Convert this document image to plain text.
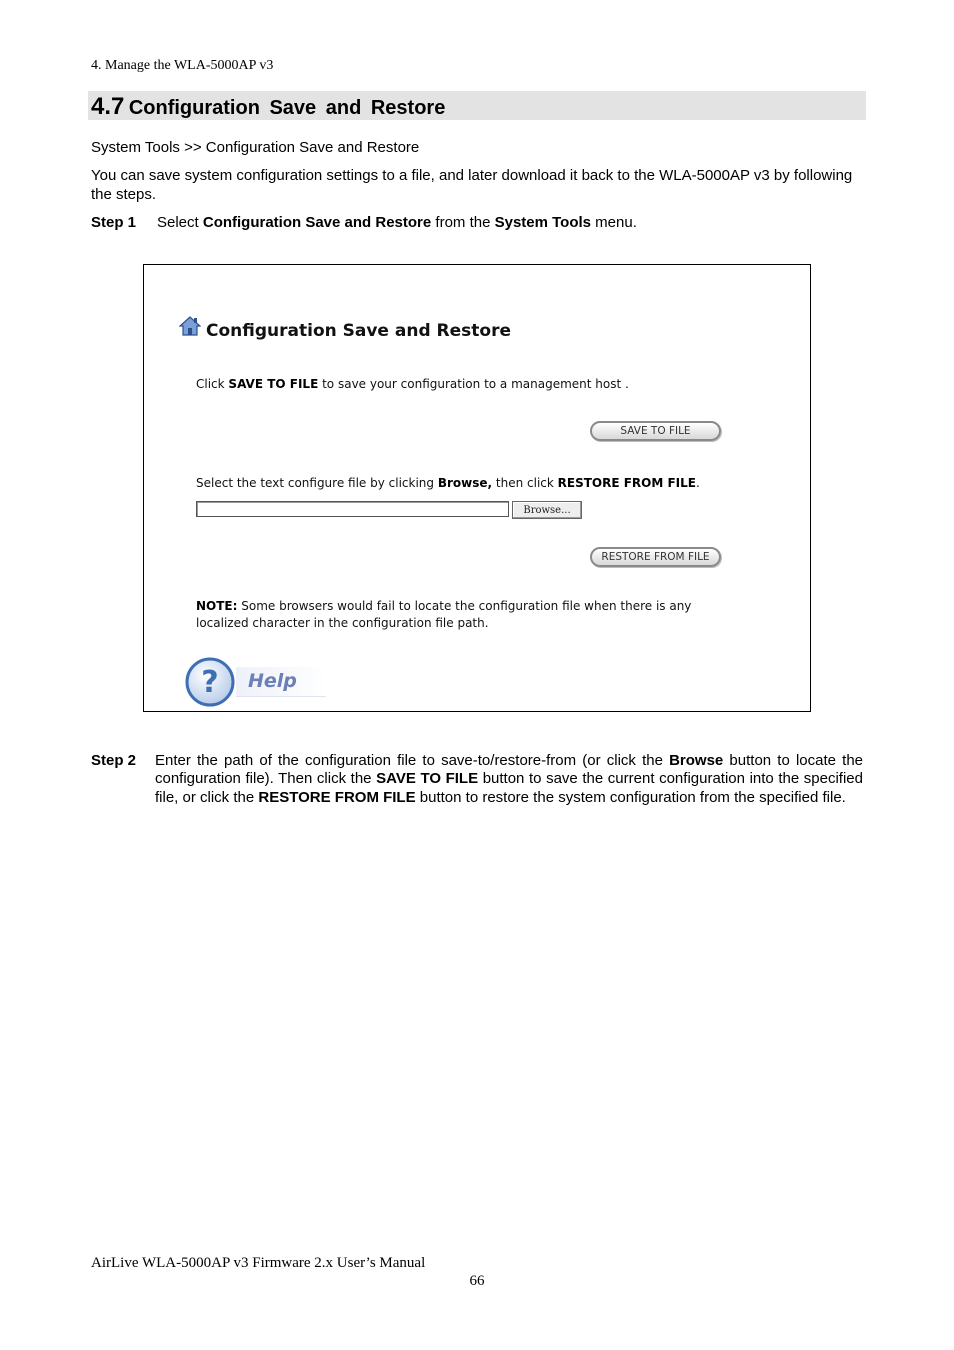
4. Manage the WLA-5000AP v3
4.7 Configuration Save and Restore
System Tools >> Configuration Save and Restore
You can save system configuration settings to a file, and later download it back to the WLA-5000AP v3 by following the steps.
Step 1 Select Configuration Save and Restore from the System Tools menu.
Configuration Save and Restore
Click SAVE TO FILE to save your configuration to a management host .
SAVE TO FILE
Select the text configure file by clicking Browse, then click RESTORE FROM FILE.
Browse...
RESTORE FROM FILE
NOTE: Some browsers would fail to locate the configuration file when there is any localized character in the configuration file path.
?	Help
Step 2 Enter the path of the configuration file to save-to/restore-from (or click the Browse button to locate the configuration file). Then click the SAVE TO FILE button to save the current configuration into the specified file, or click the RESTORE FROM FILE button to restore the system configuration from the specified file.
AirLive WLA-5000AP v3 Firmware 2.x User’s Manual
66
